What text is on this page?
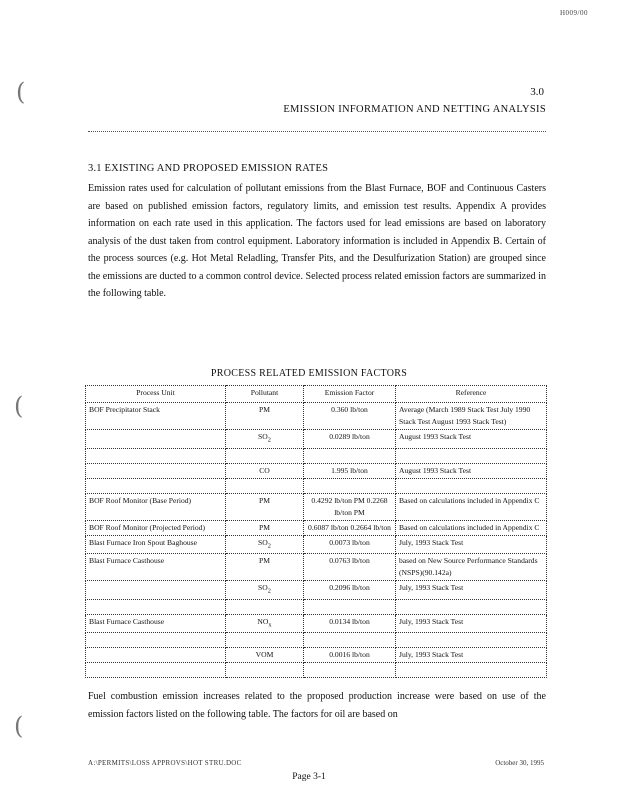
H009/00
(
(
(
3.0
EMISSION INFORMATION AND NETTING ANALYSIS
3.1 EXISTING AND PROPOSED EMISSION RATES
Emission rates used for calculation of pollutant emissions from the Blast Furnace, BOF and Continuous Casters are based on published emission factors, regulatory limits, and emission test results. Appendix A provides information on each rate used in this application. The factors used for lead emissions are based on laboratory analysis of the dust taken from control equipment. Laboratory information is included in Appendix B. Certain of the process sources (e.g. Hot Metal Reladling, Transfer Pits, and the Desulfurization Station) are grouped since the emissions are ducted to a common control device. Selected process related emission factors are summarized in the following table.
PROCESS RELATED EMISSION FACTORS
Process Unit	Pollutant	Emission Factor	Reference
BOF Precipitator Stack	PM	0.360 lb/ton	Average (March 1989 Stack Test July 1990 Stack Test August 1993 Stack Test)
	$SO_2$	0.0289 lb/ton	August 1993 Stack Test

	CO	1.995 lb/ton	August 1993 Stack Test

BOF Roof Monitor (Base Period)	PM	0.4292 lb/ton PM 0.2268 lb/ton PM	Based on calculations included in Appendix C
BOF Roof Monitor (Projected Period)	PM	0.6087 lb/ton 0.2664 lb/ton	Based on calculations included in Appendix C
Blast Furnace Iron Spout Baghouse	$SO_2$	0.0073 lb/ton	July, 1993 Stack Test
Blast Furnace Casthouse	PM	0.0763 lb/ton	based on New Source Performance Standards (NSPS)(90.142a)
	$SO_2$	0.2096 lb/ton	July, 1993 Stack Test

Blast Furnace Casthouse	$NO_x$	0.0134 lb/ton	July, 1993 Stack Test

	VOM	0.0016 lb/ton	July, 1993 Stack Test

Fuel combustion emission increases related to the proposed production increase were based on use of the emission factors listed on the following table. The factors for oil are based on
A:\PERMITS\LOSS APPROVS\HOT STRU.DOC	October 30, 1995
Page 3-1
